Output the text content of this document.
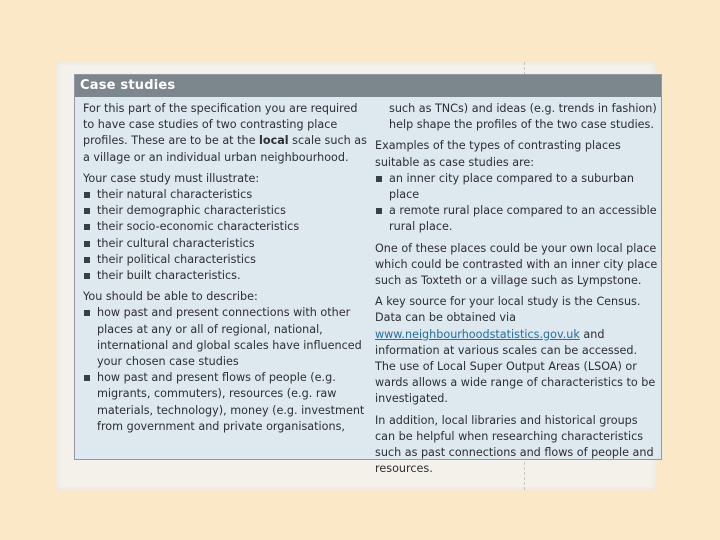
Case studies

For this part of the specification you are required to have case studies of two contrasting place profiles. These are to be at the local scale such as a village or an individual urban neighbourhood.

Your case study must illustrate:

their natural characteristics
their demographic characteristics
their socio-economic characteristics
their cultural characteristics
their political characteristics
their built characteristics.

You should be able to describe:

how past and present connections with other places at any or all of regional, national, international and global scales have influenced your chosen case studies
how past and present flows of people (e.g. migrants, commuters), resources (e.g. raw materials, technology), money (e.g. investment from government and private organisations,

such as TNCs) and ideas (e.g. trends in fashion) help shape the profiles of the two case studies.

Examples of the types of contrasting places suitable as case studies are:

an inner city place compared to a suburban place
a remote rural place compared to an accessible rural place.

One of these places could be your own local place which could be contrasted with an inner city place such as Toxteth or a village such as Lympstone.

A key source for your local study is the Census. Data can be obtained via www.neighbourhoodstatistics.gov.uk and information at various scales can be accessed. The use of Local Super Output Areas (LSOA) or wards allows a wide range of characteristics to be investigated.

In addition, local libraries and historical groups can be helpful when researching characteristics such as past connections and flows of people and resources.
